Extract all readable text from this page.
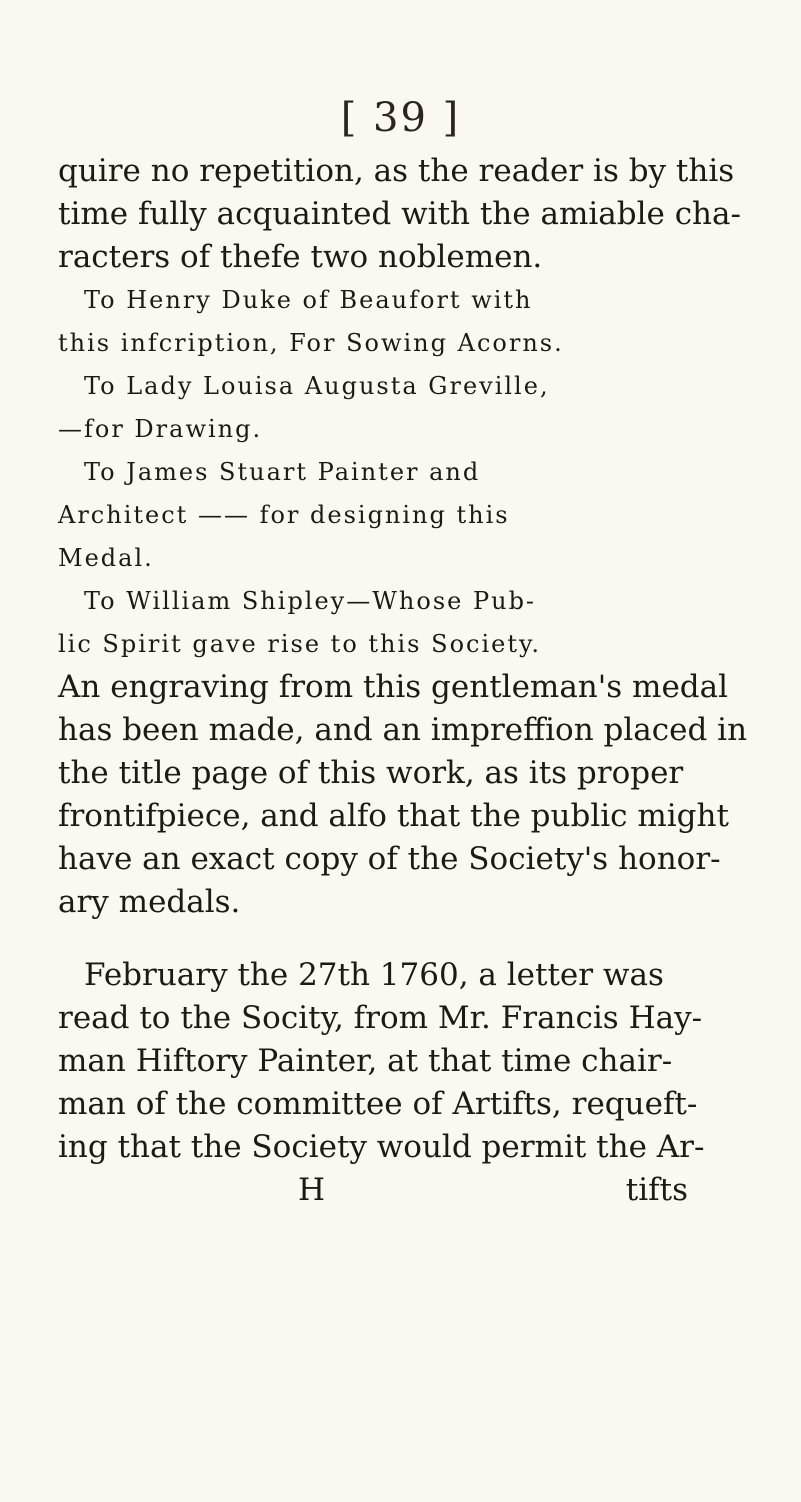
[ 39 ]
quire no repetition, as the reader is by this
time fully acquainted with the amiable cha-
racters of thefe two noblemen.
To Henry Duke of Beaufort with
this infcription, For Sowing Acorns.
To Lady Louisa Augusta Greville,
—for Drawing.
To James Stuart Painter and
Architect —— for designing this
Medal.
To William Shipley—Whose Pub-
lic Spirit gave rise to this Society.
An engraving from this gentleman's medal
has been made, and an impreffion placed in
the title page of this work, as its proper
frontifpiece, and alfo that the public might
have an exact copy of the Society's honor-
ary medals.
February the 27th 1760, a letter was
read to the Socity, from Mr. Francis Hay-
man Hiftory Painter, at that time chair-
man of the committee of Artifts, requeft-
ing that the Society would permit the Ar-
H	tifts
